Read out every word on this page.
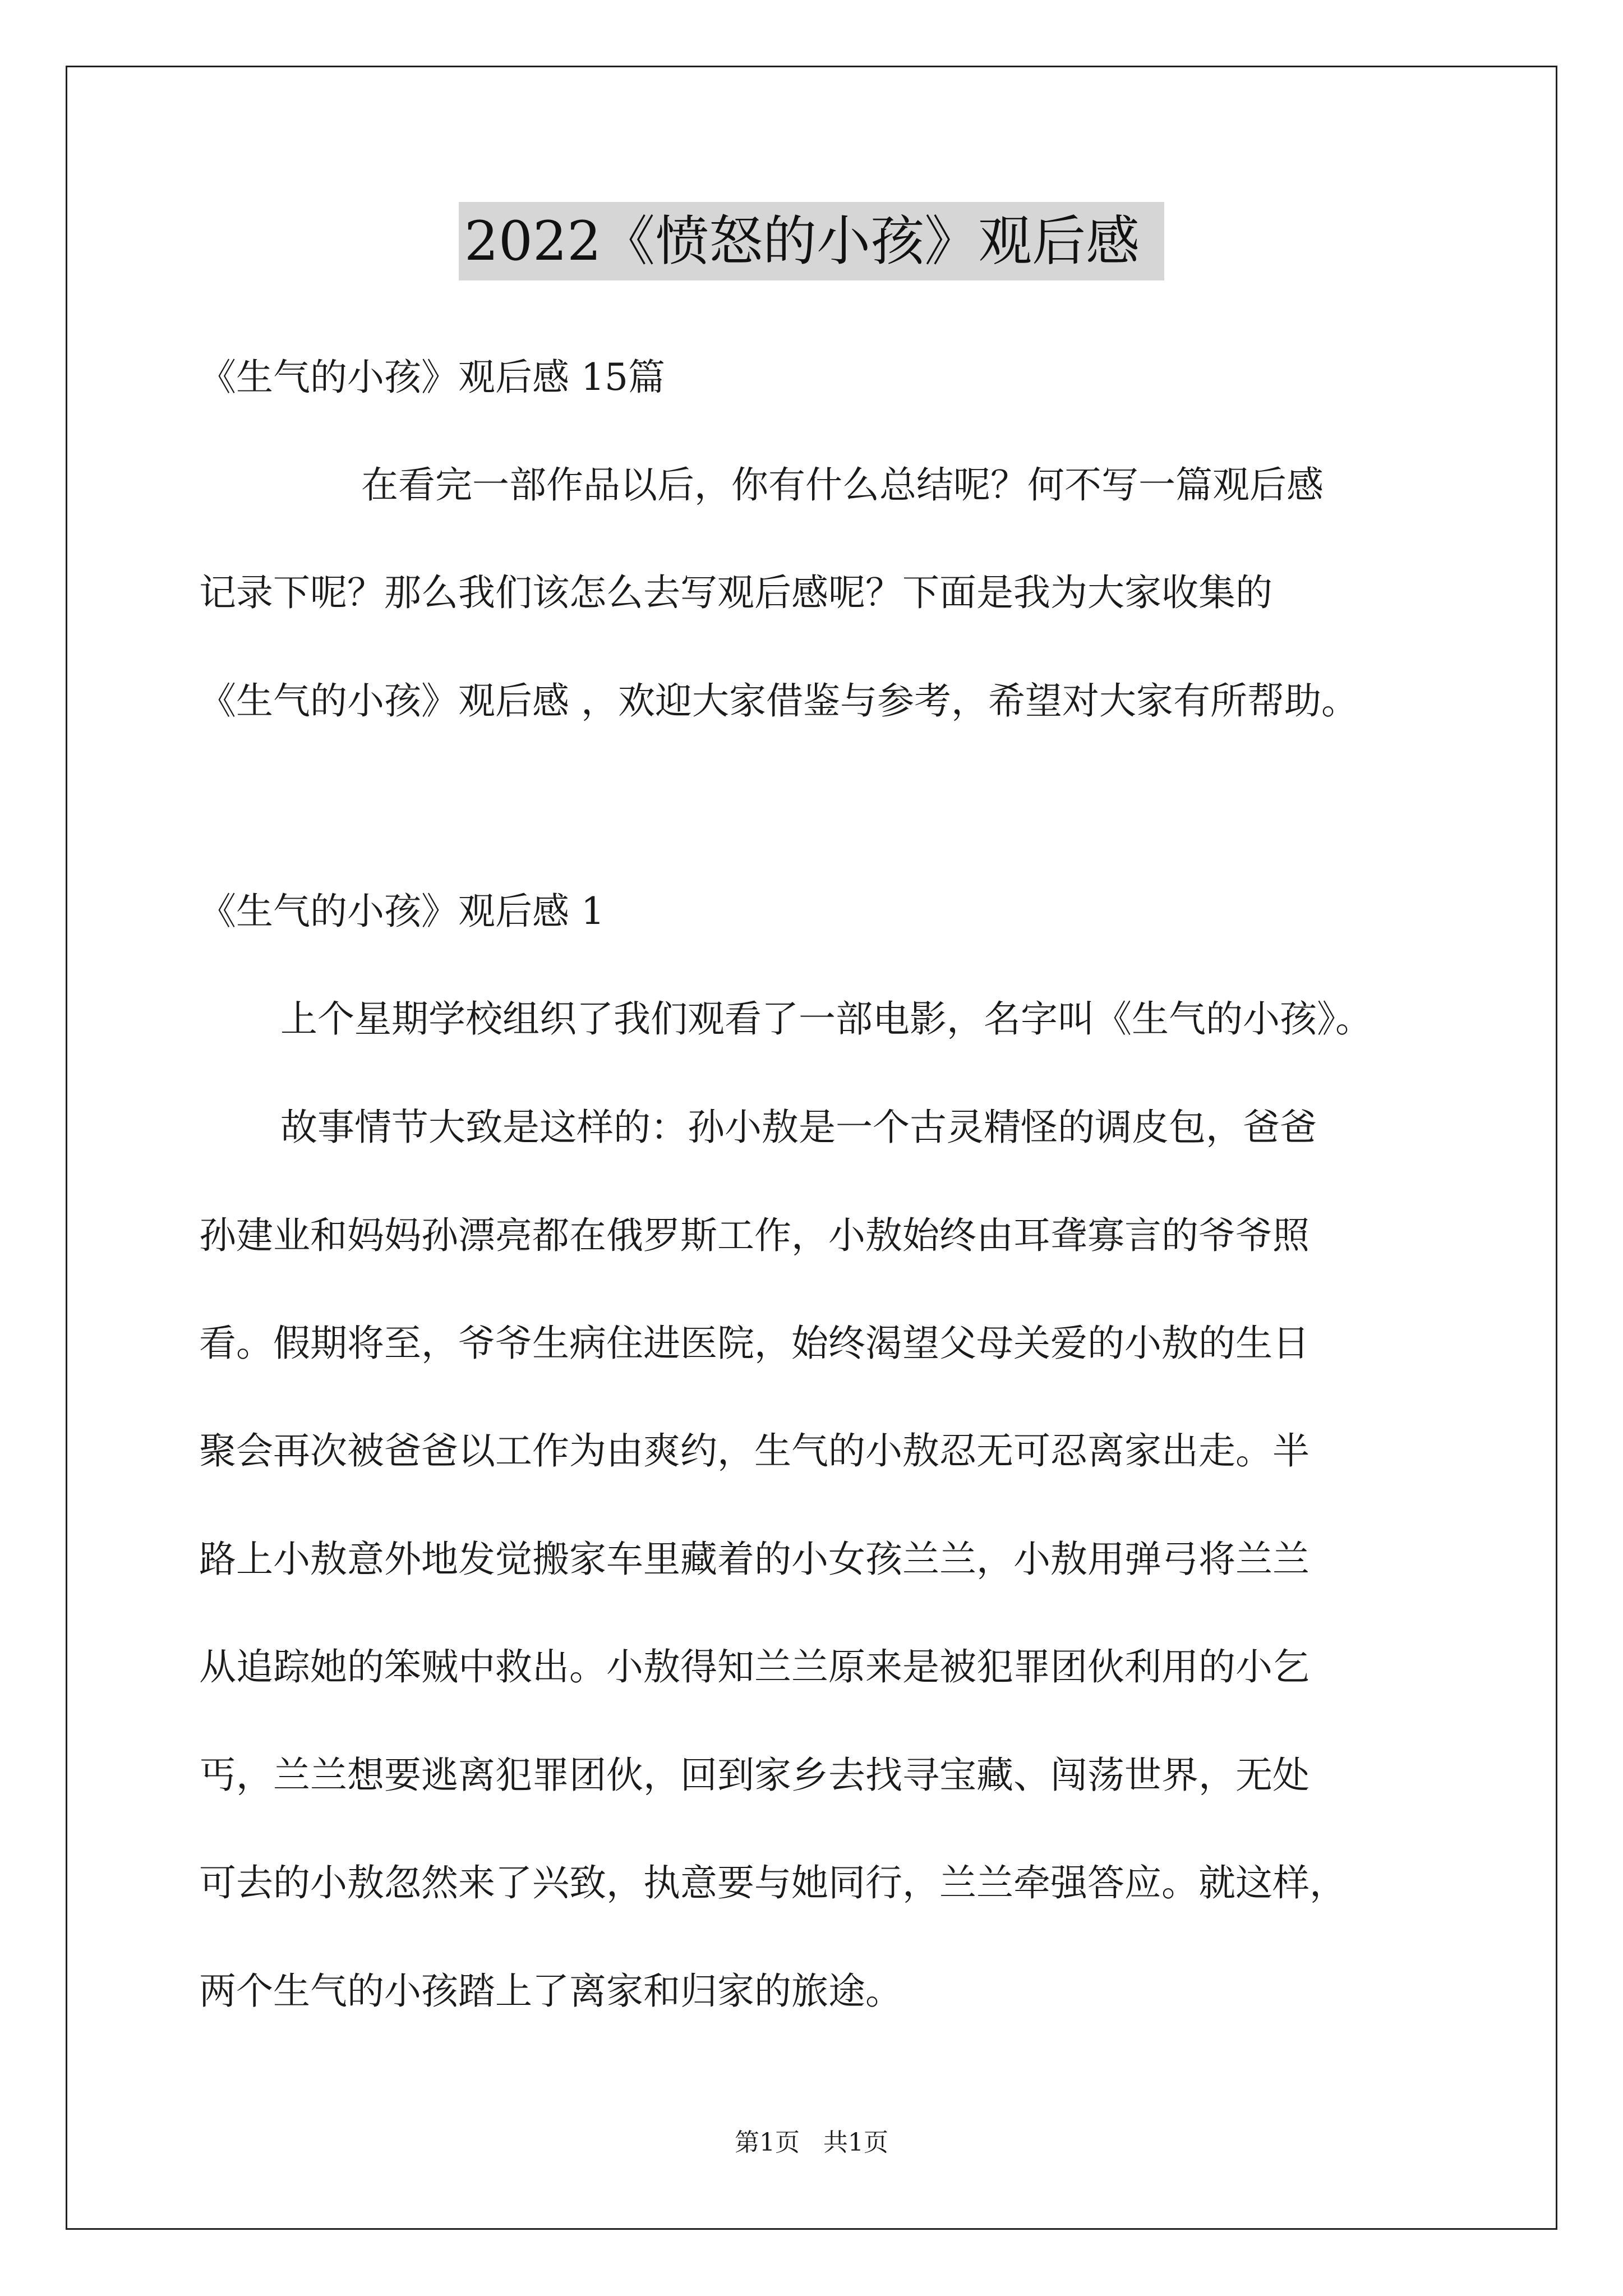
2022《愤怒的小孩》观后感

《生气的小孩》观后感 15篇

在看完一部作品以后，你有什么总结呢？何不写一篇观后感

记录下呢？那么我们该怎么去写观后感呢？下面是我为大家收集的

《生气的小孩》观后感 ，欢迎大家借鉴与参考，希望对大家有所帮助。

《生气的小孩》观后感 1

上个星期学校组织了我们观看了一部电影，名字叫《生气的小孩》。

故事情节大致是这样的：孙小敖是一个古灵精怪的调皮包，爸爸

孙建业和妈妈孙漂亮都在俄罗斯工作，小敖始终由耳聋寡言的爷爷照

看。假期将至，爷爷生病住进医院，始终渴望父母关爱的小敖的生日

聚会再次被爸爸以工作为由爽约，生气的小敖忍无可忍离家出走。半

路上小敖意外地发觉搬家车里藏着的小女孩兰兰，小敖用弹弓将兰兰

从追踪她的笨贼中救出。小敖得知兰兰原来是被犯罪团伙利用的小乞

丐，兰兰想要逃离犯罪团伙，回到家乡去找寻宝藏、闯荡世界，无处

可去的小敖忽然来了兴致，执意要与她同行，兰兰牵强答应。就这样，

两个生气的小孩踏上了离家和归家的旅途。

第1页   共1页
